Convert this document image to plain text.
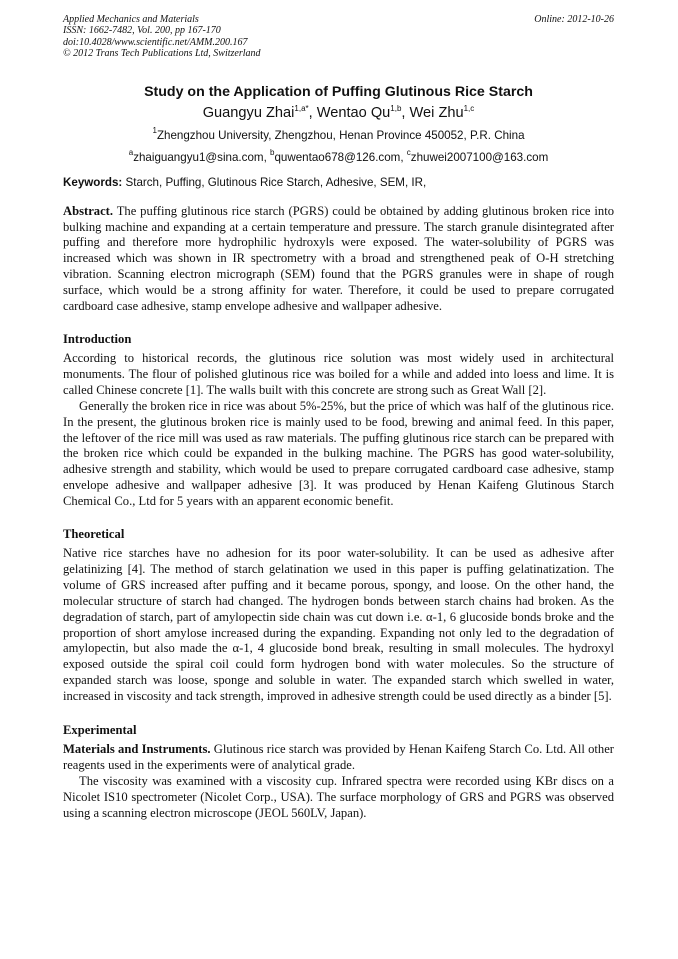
Applied Mechanics and Materials
ISSN: 1662-7482, Vol. 200, pp 167-170
doi:10.4028/www.scientific.net/AMM.200.167
© 2012 Trans Tech Publications Ltd, Switzerland
Online: 2012-10-26
Study on the Application of Puffing Glutinous Rice Starch
Guangyu Zhai$^{1,a*}$, Wentao Qu$^{1,b}$, Wei Zhu$^{1,c}$
$^1$Zhengzhou University, Zhengzhou, Henan Province 450052, P.R. China
$^a$zhaiguangyu1@sina.com, $^b$quwentao678@126.com, $^c$zhuwei2007100@163.com
Keywords: Starch, Puffing, Glutinous Rice Starch, Adhesive, SEM, IR,
Abstract. The puffing glutinous rice starch (PGRS) could be obtained by adding glutinous broken rice into bulking machine and expanding at a certain temperature and pressure. The starch granule disintegrated after puffing and therefore more hydrophilic hydroxyls were exposed. The water-solubility of PGRS was increased which was shown in IR spectrometry with a broad and strengthened peak of O-H stretching vibration. Scanning electron micrograph (SEM) found that the PGRS granules were in shape of rough surface, which would be a strong affinity for water. Therefore, it could be used to prepare corrugated cardboard case adhesive, stamp envelope adhesive and wallpaper adhesive.
Introduction

According to historical records, the glutinous rice solution was most widely used in architectural monuments. The flour of polished glutinous rice was boiled for a while and added into loess and lime. It is called Chinese concrete [1]. The walls built with this concrete are strong such as Great Wall [2].

Generally the broken rice in rice was about 5%-25%, but the price of which was half of the glutinous rice. In the present, the glutinous broken rice is mainly used to be food, brewing and animal feed. In this paper, the leftover of the rice mill was used as raw materials. The puffing glutinous rice starch can be prepared with the broken rice which could be expanded in the bulking machine. The PGRS has good water-solubility, adhesive strength and stability, which would be used to prepare corrugated cardboard case adhesive, stamp envelope adhesive and wallpaper adhesive [3]. It was produced by Henan Kaifeng Glutinous Starch Chemical Co., Ltd for 5 years with an apparent economic benefit.

Theoretical

Native rice starches have no adhesion for its poor water-solubility. It can be used as adhesive after gelatinizing [4]. The method of starch gelatination we used in this paper is puffing gelatinatization. The volume of GRS increased after puffing and it became porous, spongy, and loose. On the other hand, the molecular structure of starch had changed. The hydrogen bonds between starch chains had broken. As the degradation of starch, part of amylopectin side chain was cut down i.e. α-1, 6 glucoside bonds broke and the proportion of short amylose increased during the expanding. Expanding not only led to the degradation of amylopectin, but also made the α-1, 4 glucoside bond break, resulting in small molecules. The hydroxyl exposed outside the spiral coil could form hydrogen bond with water molecules. So the structure of expanded starch was loose, sponge and soluble in water. The expanded starch which swelled in water, increased in viscosity and tack strength, improved in adhesive strength could be used directly as a binder [5].

Experimental

Materials and Instruments. Glutinous rice starch was provided by Henan Kaifeng Starch Co. Ltd. All other reagents used in the experiments were of analytical grade.

The viscosity was examined with a viscosity cup. Infrared spectra were recorded using KBr discs on a Nicolet IS10 spectrometer (Nicolet Corp., USA). The surface morphology of GRS and PGRS was observed using a scanning electron microscope (JEOL 560LV, Japan).
